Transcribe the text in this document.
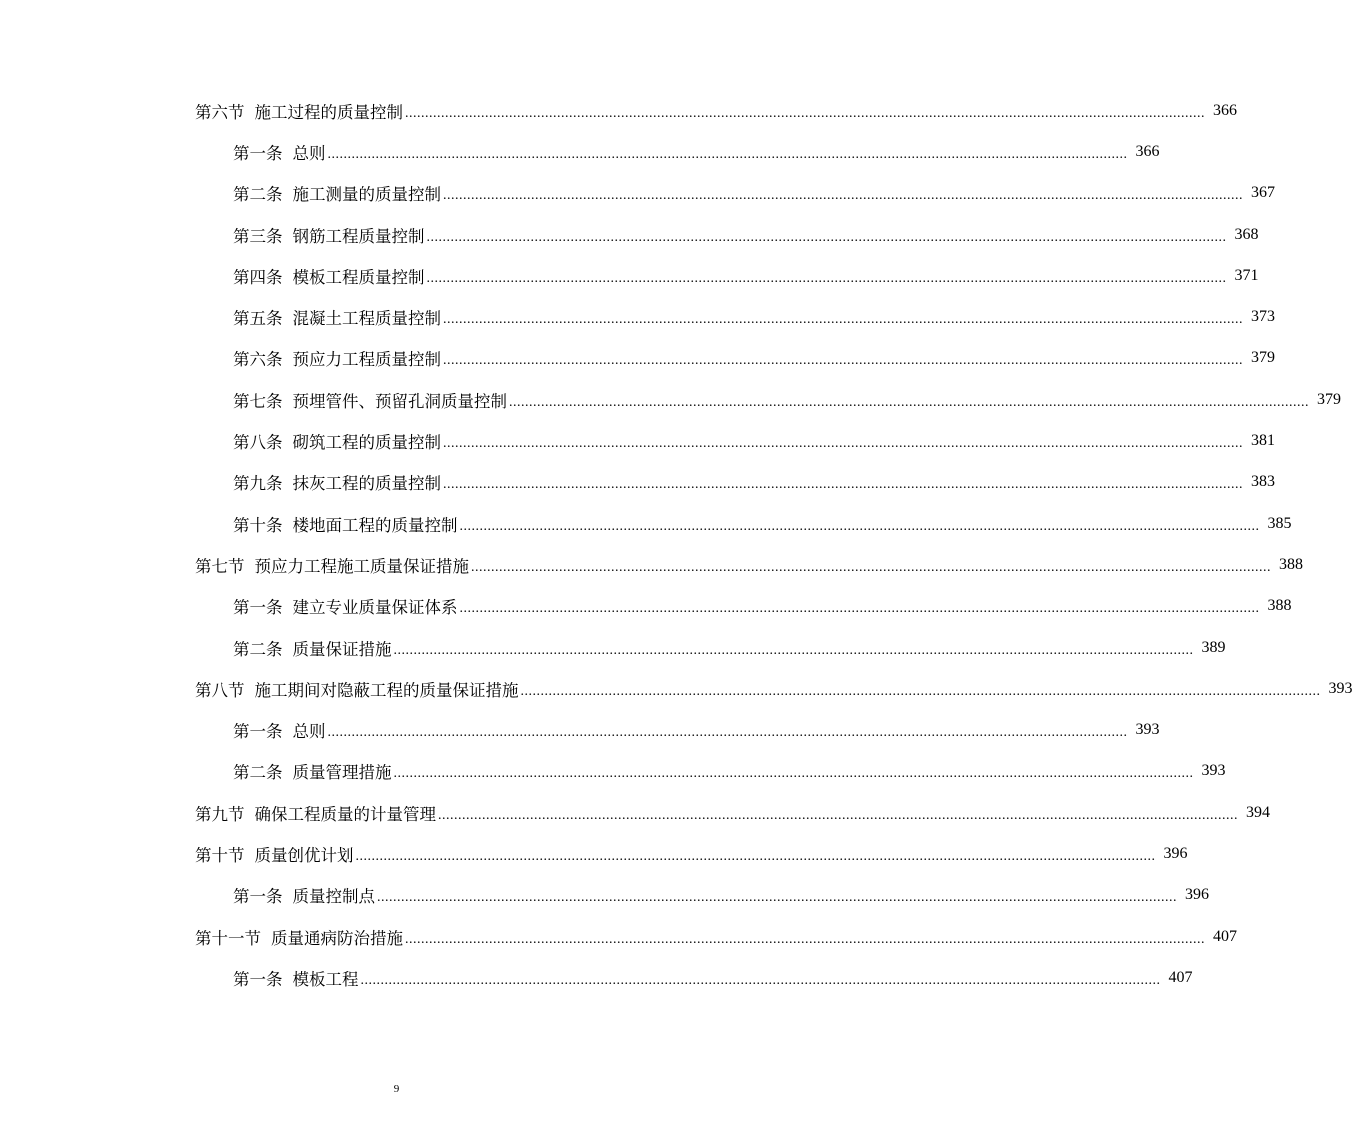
第六节 施工过程的质量控制 ........................................................................................................................................................................................................ 366
第一条 总则 ........................................................................................................................................................................................................ 366
第二条 施工测量的质量控制 ........................................................................................................................................................................................................ 367
第三条 钢筋工程质量控制 ........................................................................................................................................................................................................ 368
第四条 模板工程质量控制 ........................................................................................................................................................................................................ 371
第五条 混凝土工程质量控制 ........................................................................................................................................................................................................ 373
第六条 预应力工程质量控制 ........................................................................................................................................................................................................ 379
第七条 预埋管件、预留孔洞质量控制 ........................................................................................................................................................................................................ 379
第八条 砌筑工程的质量控制 ........................................................................................................................................................................................................ 381
第九条 抹灰工程的质量控制 ........................................................................................................................................................................................................ 383
第十条 楼地面工程的质量控制 ........................................................................................................................................................................................................ 385
第七节 预应力工程施工质量保证措施 ........................................................................................................................................................................................................ 388
第一条 建立专业质量保证体系 ........................................................................................................................................................................................................ 388
第二条 质量保证措施 ........................................................................................................................................................................................................ 389
第八节 施工期间对隐蔽工程的质量保证措施 ........................................................................................................................................................................................................ 393
第一条 总则 ........................................................................................................................................................................................................ 393
第二条 质量管理措施 ........................................................................................................................................................................................................ 393
第九节 确保工程质量的计量管理 ........................................................................................................................................................................................................ 394
第十节 质量创优计划 ........................................................................................................................................................................................................ 396
第一条 质量控制点 ........................................................................................................................................................................................................ 396
第十一节 质量通病防治措施 ........................................................................................................................................................................................................ 407
第一条 模板工程 ........................................................................................................................................................................................................ 407
9
